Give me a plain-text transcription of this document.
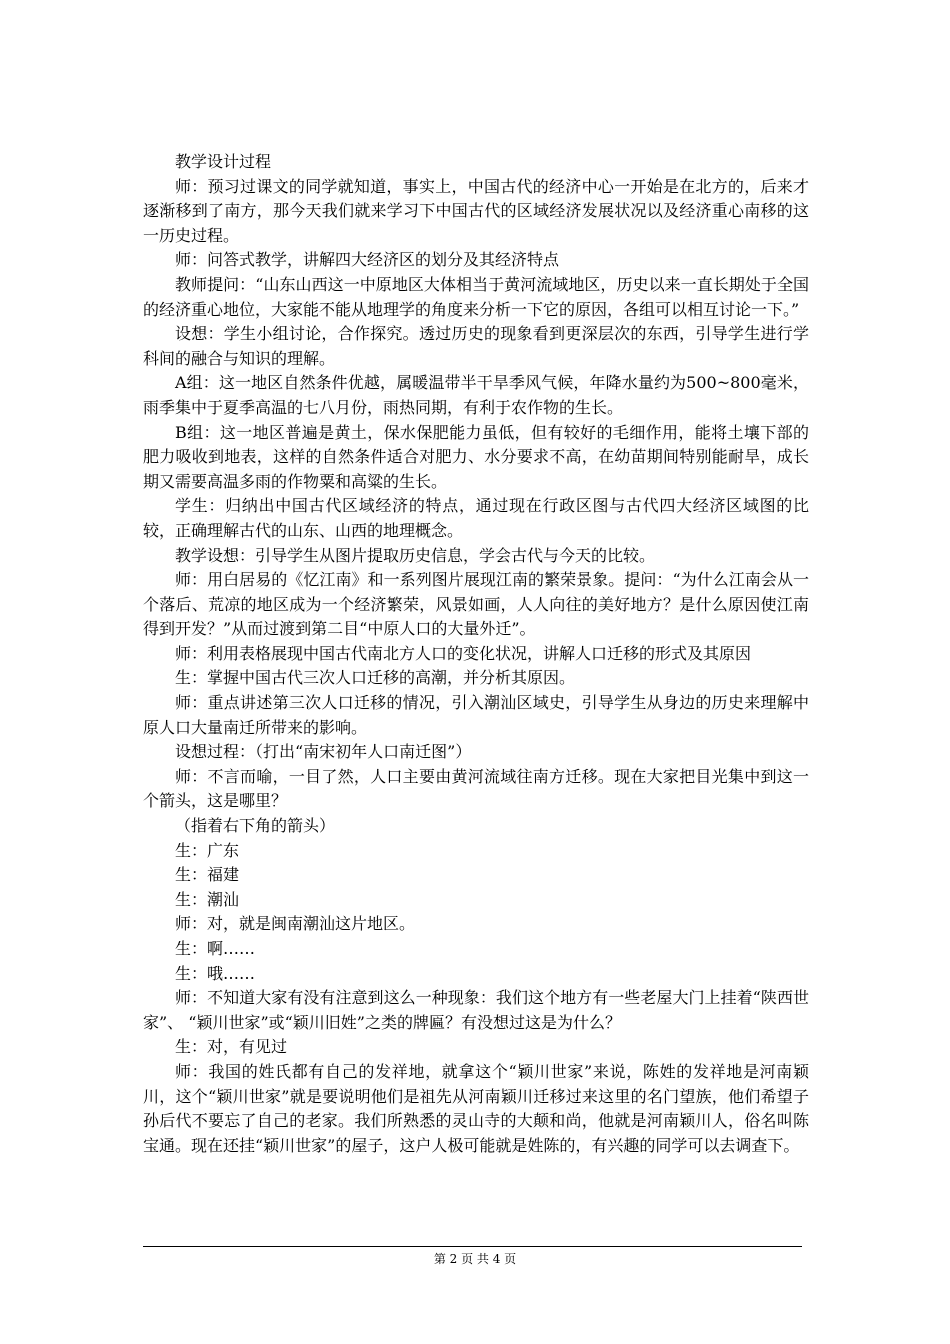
教学设计过程

师：预习过课文的同学就知道，事实上，中国古代的经济中心一开始是在北方的，后来才逐渐移到了南方，那今天我们就来学习下中国古代的区域经济发展状况以及经济重心南移的这一历史过程。

师：问答式教学，讲解四大经济区的划分及其经济特点

教师提问：“山东山西这一中原地区大体相当于黄河流域地区，历史以来一直长期处于全国的经济重心地位，大家能不能从地理学的角度来分析一下它的原因，各组可以相互讨论一下。”

设想：学生小组讨论，合作探究。透过历史的现象看到更深层次的东西，引导学生进行学科间的融合与知识的理解。

A组：这一地区自然条件优越，属暖温带半干旱季风气候，年降水量约为500~800毫米，雨季集中于夏季高温的七八月份，雨热同期，有利于农作物的生长。

B组：这一地区普遍是黄土，保水保肥能力虽低，但有较好的毛细作用，能将土壤下部的肥力吸收到地表，这样的自然条件适合对肥力、水分要求不高，在幼苗期间特别能耐旱，成长期又需要高温多雨的作物粟和高粱的生长。

学生：归纳出中国古代区域经济的特点，通过现在行政区图与古代四大经济区域图的比较，正确理解古代的山东、山西的地理概念。

教学设想：引导学生从图片提取历史信息，学会古代与今天的比较。

师：用白居易的《忆江南》和一系列图片展现江南的繁荣景象。提问：“为什么江南会从一个落后、荒凉的地区成为一个经济繁荣，风景如画，人人向往的美好地方？是什么原因使江南得到开发？”从而过渡到第二目“中原人口的大量外迁”。

师：利用表格展现中国古代南北方人口的变化状况，讲解人口迁移的形式及其原因

生：掌握中国古代三次人口迁移的高潮，并分析其原因。

师：重点讲述第三次人口迁移的情况，引入潮汕区域史，引导学生从身边的历史来理解中原人口大量南迁所带来的影响。

设想过程：（打出“南宋初年人口南迁图”）

师：不言而喻，一目了然，人口主要由黄河流域往南方迁移。现在大家把目光集中到这一个箭头，这是哪里？

（指着右下角的箭头）

生：广东

生：福建

生：潮汕

师：对，就是闽南潮汕这片地区。

生：啊……

生：哦……

师：不知道大家有没有注意到这么一种现象：我们这个地方有一些老屋大门上挂着“陕西世家”、 “颖川世家”或“颖川旧姓”之类的牌匾？有没想过这是为什么？

生：对，有见过

师：我国的姓氏都有自己的发祥地，就拿这个“颖川世家”来说，陈姓的发祥地是河南颖川，这个“颖川世家”就是要说明他们是祖先从河南颖川迁移过来这里的名门望族，他们希望子孙后代不要忘了自己的老家。我们所熟悉的灵山寺的大颠和尚，他就是河南颖川人，俗名叫陈宝通。现在还挂“颖川世家”的屋子，这户人极可能就是姓陈的，有兴趣的同学可以去调查下。

第 2 页 共 4 页
